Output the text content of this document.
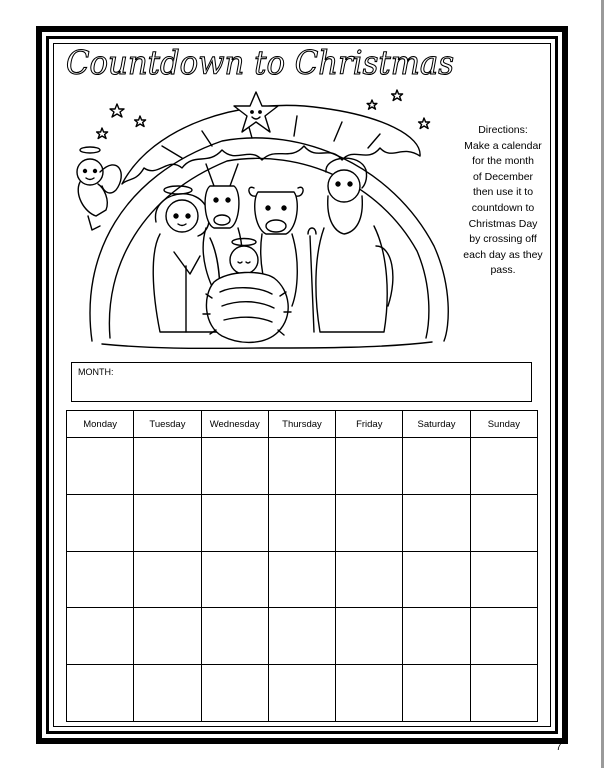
Countdown to Christmas
Directions:
Make a calendar
for the month
of December
then use it to
countdown to
Christmas Day
by crossing off
each day as they
pass.
MONTH:
Monday	Tuesday	Wednesday	Thursday	Friday	Saturday	Sunday

7
